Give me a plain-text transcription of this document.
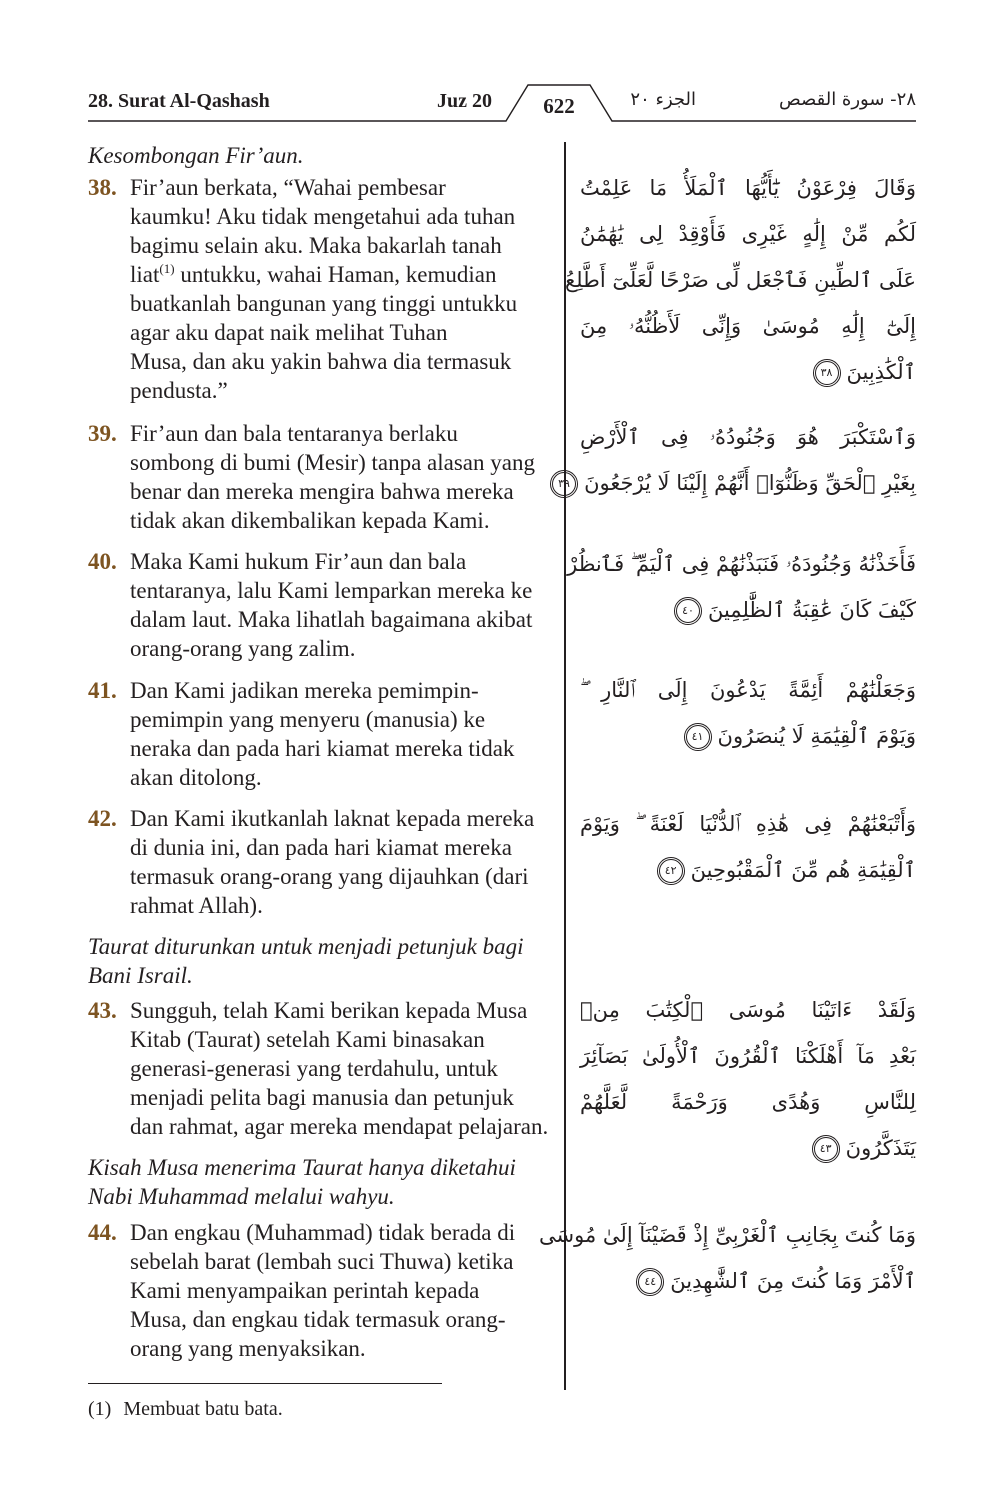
28. Surat Al-Qashash	Juz 20	622	الجزء ٢٠	٢٨- سورة القصص
Kesombongan Fir’aun.
38. Fir’aun berkata, “Wahai pembesar
kaumku! Aku tidak mengetahui ada tuhan
bagimu selain aku. Maka bakarlah tanah
liat$^{(1)}$ untukku, wahai Haman, kemudian
buatkanlah bangunan yang tinggi untukku
agar aku dapat naik melihat Tuhan
Musa, dan aku yakin bahwa dia termasuk
pendusta.”
39. Fir’aun dan bala tentaranya berlaku
sombong di bumi (Mesir) tanpa alasan yang
benar dan mereka mengira bahwa mereka
tidak akan dikembalikan kepada Kami.
40. Maka Kami hukum Fir’aun dan bala
tentaranya, lalu Kami lemparkan mereka ke
dalam laut. Maka lihatlah bagaimana akibat
orang-orang yang zalim.
41. Dan Kami jadikan mereka pemimpin-
pemimpin yang menyeru (manusia) ke
neraka dan pada hari kiamat mereka tidak
akan ditolong.
42. Dan Kami ikutkanlah laknat kepada mereka
di dunia ini, dan pada hari kiamat mereka
termasuk orang-orang yang dijauhkan (dari
rahmat Allah).
Taurat diturunkan untuk menjadi petunjuk bagi
Bani Israil.
43. Sungguh, telah Kami berikan kepada Musa
Kitab (Taurat) setelah Kami binasakan
generasi-generasi yang terdahulu, untuk
menjadi pelita bagi manusia dan petunjuk
dan rahmat, agar mereka mendapat pelajaran.
Kisah Musa menerima Taurat hanya diketahui
Nabi Muhammad melalui wahyu.
44. Dan engkau (Muhammad) tidak berada di
sebelah barat (lembah suci Thuwa) ketika
Kami menyampaikan perintah kepada
Musa, dan engkau tidak termasuk orang-
orang yang menyaksikan.
وَقَالَ فِرْعَوْنُ يَٰٓأَيُّهَا ٱلْمَلَأُ مَا عَلِمْتُ
لَكُم مِّنْ إِلَٰهٍ غَيْرِى فَأَوْقِدْ لِى يَٰهَٰمَٰنُ
عَلَى ٱلطِّينِ فَٱجْعَل لِّى صَرْحًا لَّعَلِّىٓ أَطَّلِعُ
إِلَىٰٓ إِلَٰهِ مُوسَىٰ وَإِنِّى لَأَظُنُّهُۥ مِنَ
ٱلْكَٰذِبِينَ٣٨
وَٱسْتَكْبَرَ هُوَ وَجُنُودُهُۥ فِى ٱلْأَرْضِ
بِغَيْرِ ٱلْحَقِّ وَظَنُّوٓا۟ أَنَّهُمْ إِلَيْنَا لَا يُرْجَعُونَ٣٩
فَأَخَذْنَٰهُ وَجُنُودَهُۥ فَنَبَذْنَٰهُمْ فِى ٱلْيَمِّ ۖ فَٱنظُرْ
كَيْفَ كَانَ عَٰقِبَةُ ٱلظَّٰلِمِينَ٤٠
وَجَعَلْنَٰهُمْ أَئِمَّةً يَدْعُونَ إِلَى ٱلنَّارِ ۖ
وَيَوْمَ ٱلْقِيَٰمَةِ لَا يُنصَرُونَ٤١
وَأَتْبَعْنَٰهُمْ فِى هَٰذِهِ ٱلدُّنْيَا لَعْنَةً ۖ وَيَوْمَ
ٱلْقِيَٰمَةِ هُم مِّنَ ٱلْمَقْبُوحِينَ٤٢
وَلَقَدْ ءَاتَيْنَا مُوسَى ٱلْكِتَٰبَ مِنۢ
بَعْدِ مَآ أَهْلَكْنَا ٱلْقُرُونَ ٱلْأُولَىٰ بَصَآئِرَ
لِلنَّاسِ وَهُدًى وَرَحْمَةً لَّعَلَّهُمْ
يَتَذَكَّرُونَ٤٣
وَمَا كُنتَ بِجَانِبِ ٱلْغَرْبِىِّ إِذْ قَضَيْنَآ إِلَىٰ مُوسَى
ٱلْأَمْرَ وَمَا كُنتَ مِنَ ٱلشَّٰهِدِينَ٤٤
(1) Membuat batu bata.
